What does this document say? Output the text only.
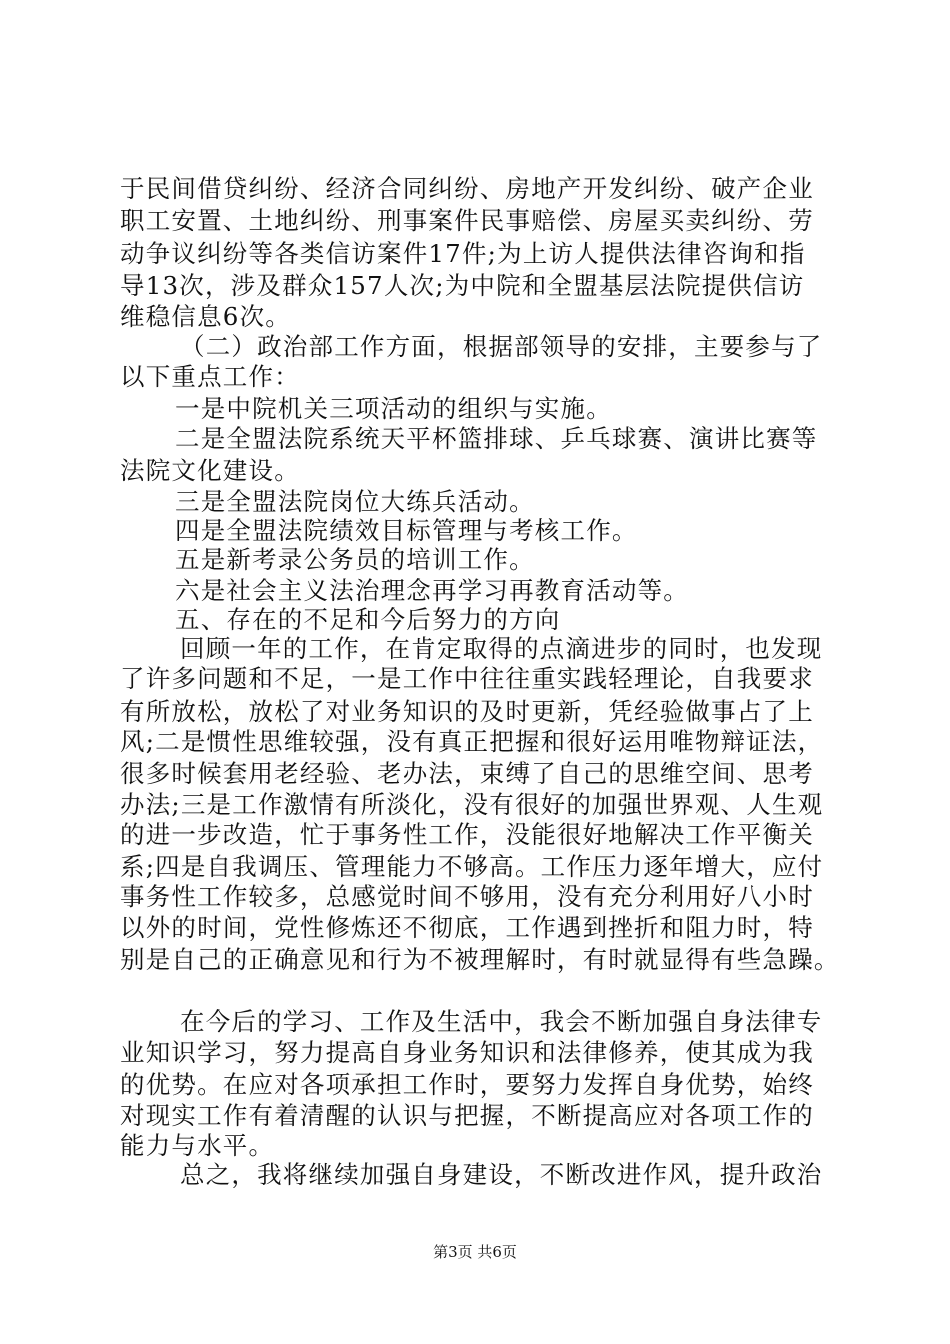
于民间借贷纠纷、经济合同纠纷、房地产开发纠纷、破产企业
职工安置、土地纠纷、刑事案件民事赔偿、房屋买卖纠纷、劳
动争议纠纷等各类信访案件17件;为上访人提供法律咨询和指
导13次，涉及群众157人次;为中院和全盟基层法院提供信访
维稳信息6次。
（二）政治部工作方面，根据部领导的安排，主要参与了
以下重点工作：
一是中院机关三项活动的组织与实施。
二是全盟法院系统天平杯篮排球、乒乓球赛、演讲比赛等
法院文化建设。
三是全盟法院岗位大练兵活动。
四是全盟法院绩效目标管理与考核工作。
五是新考录公务员的培训工作。
六是社会主义法治理念再学习再教育活动等。
五、存在的不足和今后努力的方向
回顾一年的工作，在肯定取得的点滴进步的同时，也发现
了许多问题和不足，一是工作中往往重实践轻理论，自我要求
有所放松，放松了对业务知识的及时更新，凭经验做事占了上
风;二是惯性思维较强，没有真正把握和很好运用唯物辩证法，
很多时候套用老经验、老办法，束缚了自己的思维空间、思考
办法;三是工作激情有所淡化，没有很好的加强世界观、人生观
的进一步改造，忙于事务性工作，没能很好地解决工作平衡关
系;四是自我调压、管理能力不够高。工作压力逐年增大，应付
事务性工作较多，总感觉时间不够用，没有充分利用好八小时
以外的时间，党性修炼还不彻底，工作遇到挫折和阻力时，特
别是自己的正确意见和行为不被理解时，有时就显得有些急躁。
在今后的学习、工作及生活中，我会不断加强自身法律专
业知识学习，努力提高自身业务知识和法律修养，使其成为我
的优势。在应对各项承担工作时，要努力发挥自身优势，始终
对现实工作有着清醒的认识与把握，不断提高应对各项工作的
能力与水平。
总之，我将继续加强自身建设，不断改进作风，提升政治
第3页 共6页
